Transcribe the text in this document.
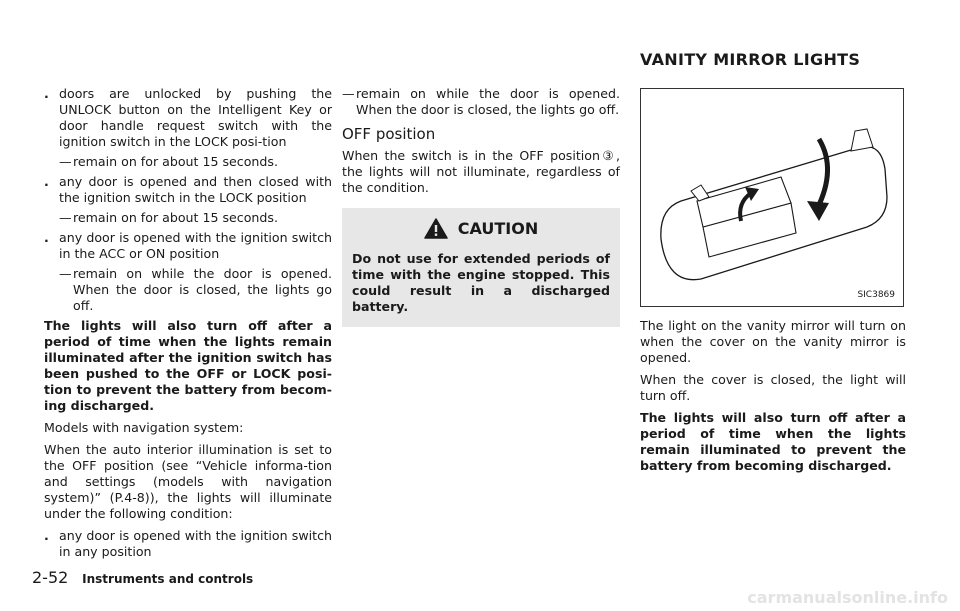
. doors are unlocked by pushing the UNLOCK button on the Intelligent Key or door handle request switch with the ignition switch in the LOCK posi-tion
— remain on for about 15 seconds.
. any door is opened and then closed with the ignition switch in the LOCK position
— remain on for about 15 seconds.
. any door is opened with the ignition switch in the ACC or ON position
— remain on while the door is opened. When the door is closed, the lights go off.

The lights will also turn off after a period of time when the lights remain illuminated after the ignition switch has been pushed to the OFF or LOCK posi-tion to prevent the battery from becom-ing discharged.

Models with navigation system:

When the auto interior illumination is set to the OFF position (see “Vehicle informa-tion and settings (models with navigation system)” (P.4-8)), the lights will illuminate under the following condition:

. any door is opened with the ignition switch in any position
— remain on while the door is opened. When the door is closed, the lights go off.
OFF position

When the switch is in the OFF position③, the lights will not illuminate, regardless of the condition.

CAUTION

Do not use for extended periods of time with the engine stopped. This could result in a discharged battery.

VANITY MIRROR LIGHTS
SIC3869

The light on the vanity mirror will turn on when the cover on the vanity mirror is opened.

When the cover is closed, the light will turn off.

The lights will also turn off after a period of time when the lights remain illuminated to prevent the battery from becoming discharged.

2-52 Instruments and controls
carmanualsonline.info
